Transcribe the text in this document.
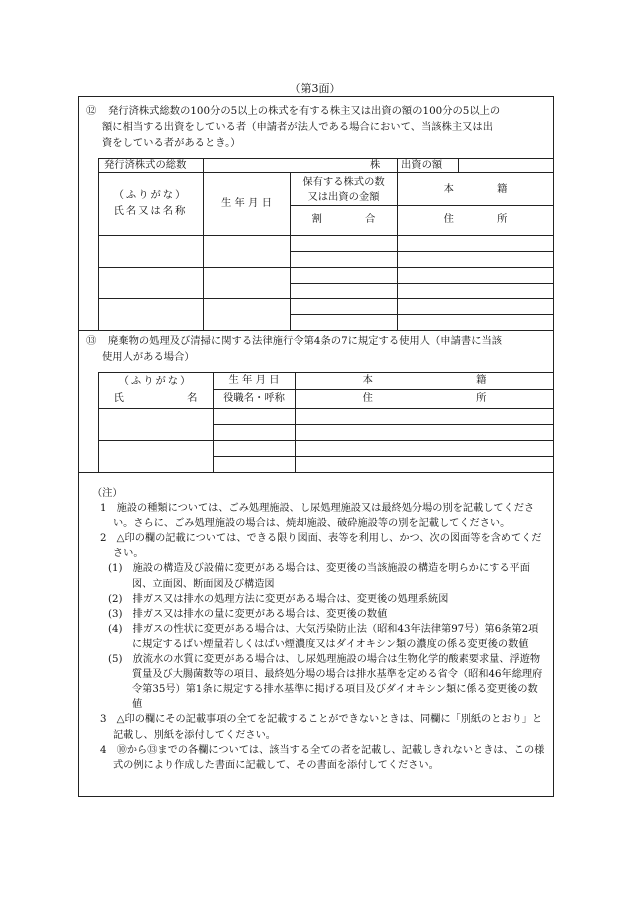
（第3面）
⑫ 発行済株式総数の100分の5以上の株式を有する株主又は出資の額の100分の5以上の
額に相当する出資をしている者（申請者が法人である場合において、当該株主又は出
資をしている者があるとき。）
発行済株式の総数	株 出資の額
（ふりがな）
氏名又は名称
生 年 月 日
保有する株式の数
又は出資の金額
本 籍
割 合	住 所
⑬ 廃棄物の処理及び清掃に関する法律施行令第4条の7に規定する使用人（申請書に当該
使用人がある場合）
（ふりがな）
氏 名
生 年 月 日
役職名・呼称
本 籍
住 所

（注）

1　施設の種類については、ごみ処理施設、し尿処理施設又は最終処分場の別を記載してください。さらに、ごみ処理施設の場合は、焼却施設、破砕施設等の別を記載してください。

2　△印の欄の記載については、できる限り図面、表等を利用し、かつ、次の図面等を含めてください。

(1)　施設の構造及び設備に変更がある場合は、変更後の当該施設の構造を明らかにする平面図、立面図、断面図及び構造図

(2)　排ガス又は排水の処理方法に変更がある場合は、変更後の処理系統図

(3)　排ガス又は排水の量に変更がある場合は、変更後の数値

(4)　排ガスの性状に変更がある場合は、大気汚染防止法（昭和43年法律第97号）第6条第2項に規定するばい煙量若しくはばい煙濃度又はダイオキシン類の濃度の係る変更後の数値

(5)　放流水の水質に変更がある場合は、し尿処理施設の場合は生物化学的酸素要求量、浮遊物質量及び大腸菌数等の項目、最終処分場の場合は排水基準を定める省令（昭和46年総理府令第35号）第1条に規定する排水基準に掲げる項目及びダイオキシン類に係る変更後の数値

3　△印の欄にその記載事項の全てを記載することができないときは、同欄に「別紙のとおり」と記載し、別紙を添付してください。

4　⑩から⑬までの各欄については、該当する全ての者を記載し、記載しきれないときは、この様式の例により作成した書面に記載して、その書面を添付してください。
